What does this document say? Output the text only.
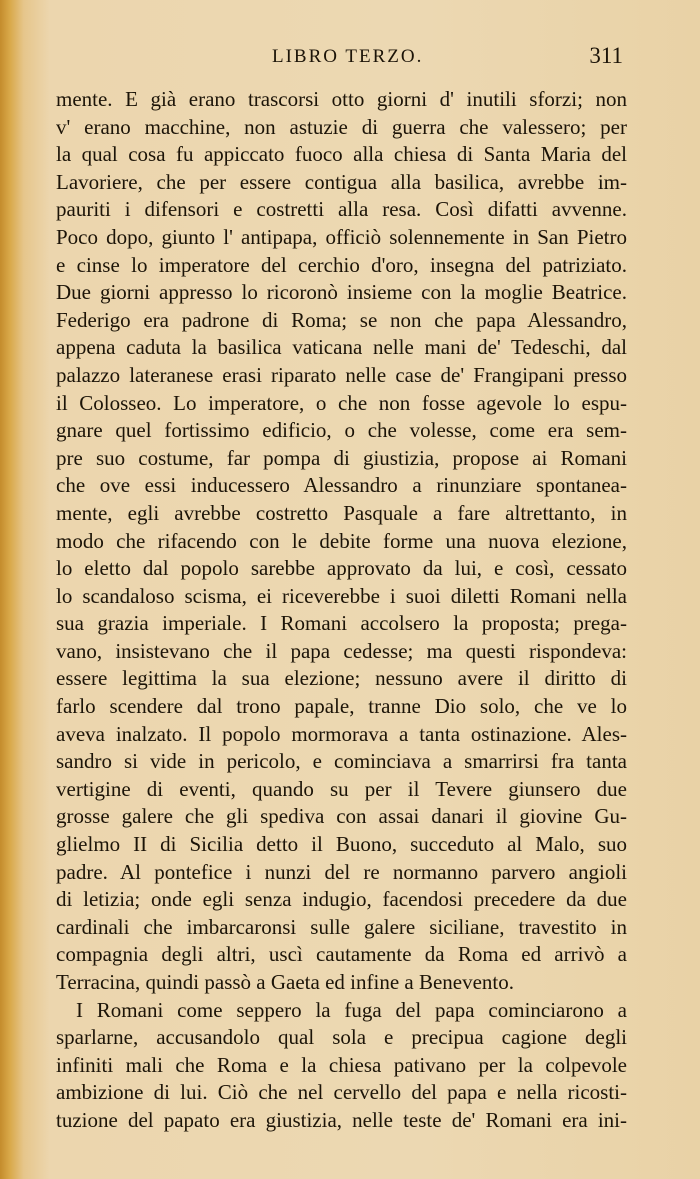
LIBRO TERZO.	311
mente. E già erano trascorsi otto giorni d' inutili sforzi; non
v' erano macchine, non astuzie di guerra che valessero; per
la qual cosa fu appiccato fuoco alla chiesa di Santa Maria del
Lavoriere, che per essere contigua alla basilica, avrebbe im-
pauriti i difensori e costretti alla resa. Così difatti avvenne.
Poco dopo, giunto l' antipapa, officiò solennemente in San Pietro
e cinse lo imperatore del cerchio d'oro, insegna del patriziato.
Due giorni appresso lo ricoronò insieme con la moglie Beatrice.
Federigo era padrone di Roma; se non che papa Alessandro,
appena caduta la basilica vaticana nelle mani de' Tedeschi, dal
palazzo lateranese erasi riparato nelle case de' Frangipani presso
il Colosseo. Lo imperatore, o che non fosse agevole lo espu-
gnare quel fortissimo edificio, o che volesse, come era sem-
pre suo costume, far pompa di giustizia, propose ai Romani
che ove essi inducessero Alessandro a rinunziare spontanea-
mente, egli avrebbe costretto Pasquale a fare altrettanto, in
modo che rifacendo con le debite forme una nuova elezione,
lo eletto dal popolo sarebbe approvato da lui, e così, cessato
lo scandaloso scisma, ei riceverebbe i suoi diletti Romani nella
sua grazia imperiale. I Romani accolsero la proposta; prega-
vano, insistevano che il papa cedesse; ma questi rispondeva:
essere legittima la sua elezione; nessuno avere il diritto di
farlo scendere dal trono papale, tranne Dio solo, che ve lo
aveva inalzato. Il popolo mormorava a tanta ostinazione. Ales-
sandro si vide in pericolo, e cominciava a smarrirsi fra tanta
vertigine di eventi, quando su per il Tevere giunsero due
grosse galere che gli spediva con assai danari il giovine Gu-
glielmo II di Sicilia detto il Buono, succeduto al Malo, suo
padre. Al pontefice i nunzi del re normanno parvero angioli
di letizia; onde egli senza indugio, facendosi precedere da due
cardinali che imbarcaronsi sulle galere siciliane, travestito in
compagnia degli altri, uscì cautamente da Roma ed arrivò a
Terracina, quindi passò a Gaeta ed infine a Benevento.
I Romani come seppero la fuga del papa cominciarono a
sparlarne, accusandolo qual sola e precipua cagione degli
infiniti mali che Roma e la chiesa pativano per la colpevole
ambizione di lui. Ciò che nel cervello del papa e nella ricosti-
tuzione del papato era giustizia, nelle teste de' Romani era ini-
